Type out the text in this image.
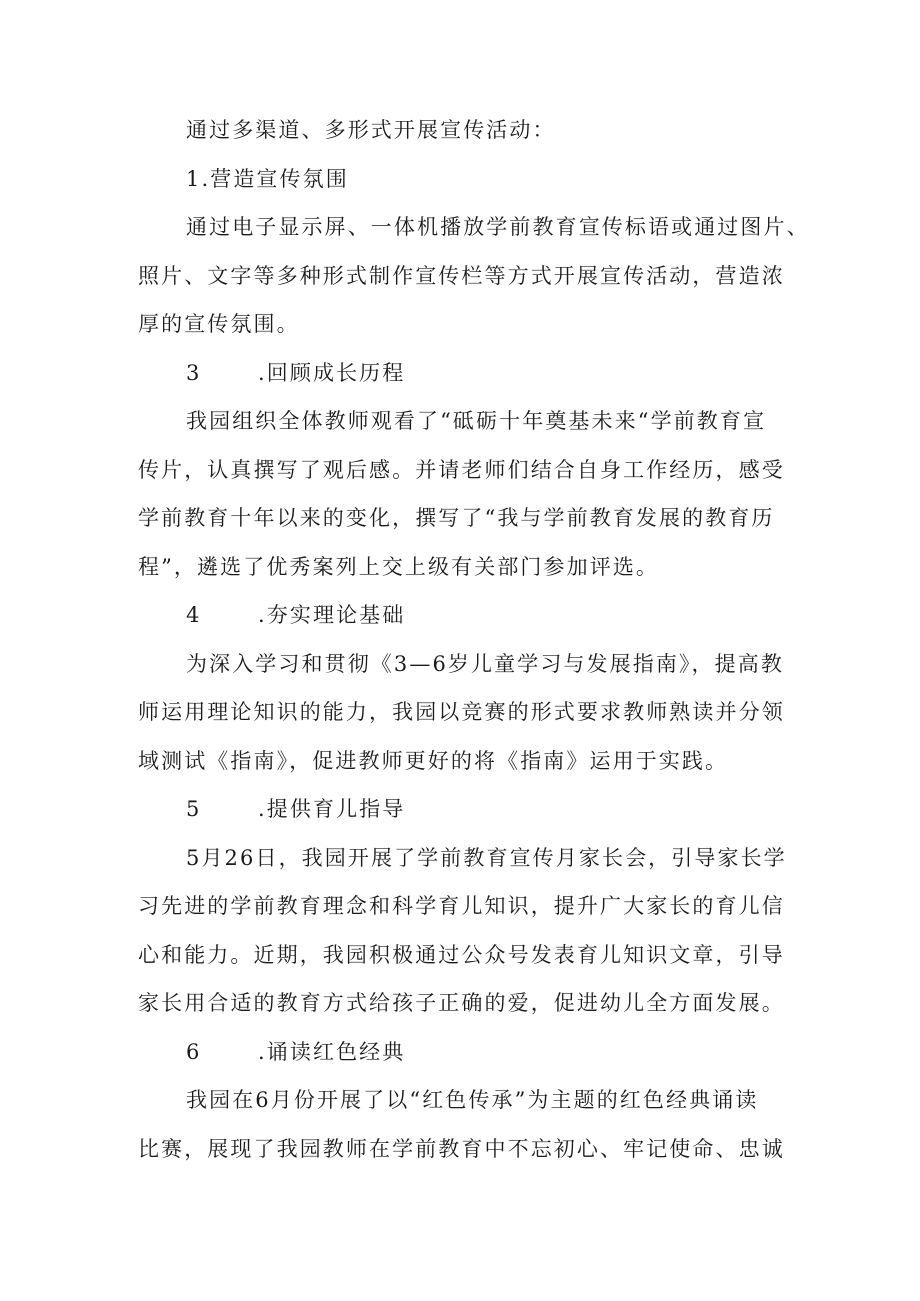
通过多渠道、多形式开展宣传活动：

1.营造宣传氛围

通过电子显示屏、一体机播放学前教育宣传标语或通过图片、

照片、文字等多种形式制作宣传栏等方式开展宣传活动，营造浓

厚的宣传氛围。

3	.回顾成长历程

我园组织全体教师观看了“砥砺十年奠基未来“学前教育宣

传片，认真撰写了观后感。并请老师们结合自身工作经历，感受

学前教育十年以来的变化，撰写了“我与学前教育发展的教育历

程”，遴选了优秀案列上交上级有关部门参加评选。

4	.夯实理论基础

为深入学习和贯彻《3—6岁儿童学习与发展指南》，提高教

师运用理论知识的能力，我园以竞赛的形式要求教师熟读并分领

域测试《指南》，促进教师更好的将《指南》运用于实践。

5	.提供育儿指导

5月26日，我园开展了学前教育宣传月家长会，引导家长学

习先进的学前教育理念和科学育儿知识，提升广大家长的育儿信

心和能力。近期，我园积极通过公众号发表育儿知识文章，引导

家长用合适的教育方式给孩子正确的爱，促进幼儿全方面发展。

6	.诵读红色经典

我园在6月份开展了以“红色传承”为主题的红色经典诵读

比赛，展现了我园教师在学前教育中不忘初心、牢记使命、忠诚
